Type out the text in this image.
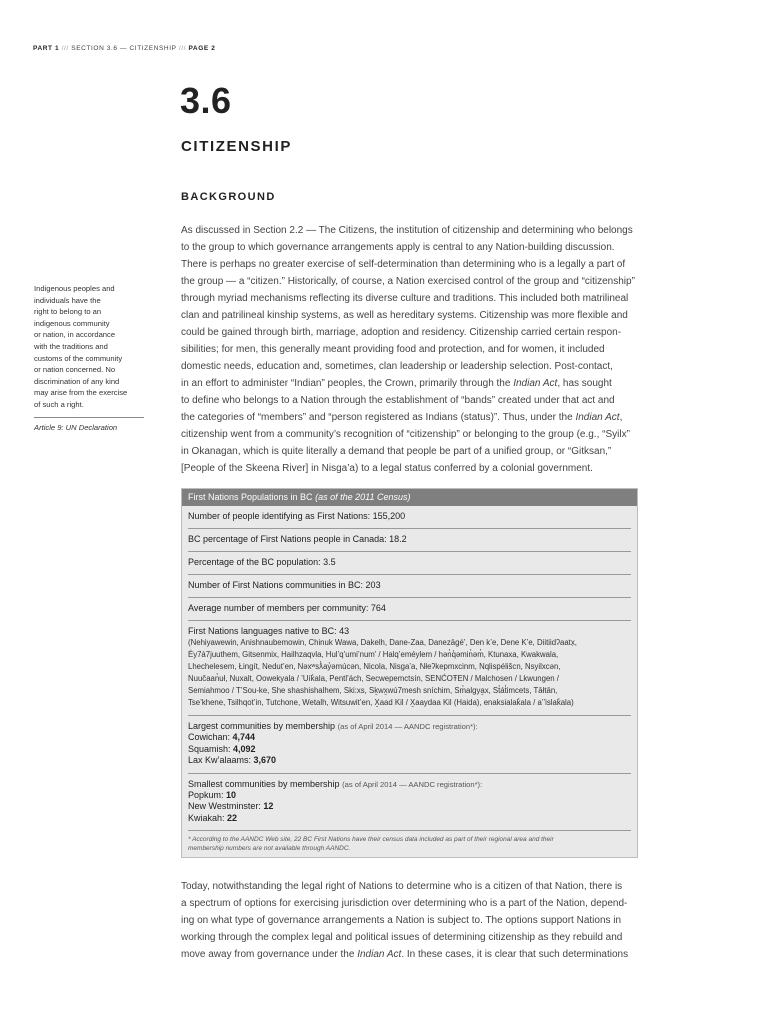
PART 1 /// SECTION 3.6 — CITIZENSHIP /// PAGE 2
3.6
CITIZENSHIP
BACKGROUND
As discussed in Section 2.2 — The Citizens, the institution of citizenship and determining who belongs
to the group to which governance arrangements apply is central to any Nation-building discussion.
There is perhaps no greater exercise of self-determination than determining who is a legally a part of
the group — a “citizen.” Historically, of course, a Nation exercised control of the group and “citizenship”
through myriad mechanisms reflecting its diverse culture and traditions. This included both matrilineal
clan and patrilineal kinship systems, as well as hereditary systems. Citizenship was more flexible and
could be gained through birth, marriage, adoption and residency. Citizenship carried certain respon-
sibilities; for men, this generally meant providing food and protection, and for women, it included
domestic needs, education and, sometimes, clan leadership or leadership selection. Post-contact,
in an effort to administer “Indian” peoples, the Crown, primarily through the Indian Act, has sought
to define who belongs to a Nation through the establishment of “bands” created under that act and
the categories of “members” and “person registered as Indians (status)”. Thus, under the Indian Act,
citizenship went from a community’s recognition of “citizenship” or belonging to the group (e.g., “Syilx”
in Okanagan, which is quite literally a demand that people be part of a unified group, or “Gitksan,”
[People of the Skeena River] in Nisga’a) to a legal status conferred by a colonial government.
Indigenous peoples and
individuals have the
right to belong to an
indigenous community
or nation, in accordance
with the traditions and
customs of the community
or nation concerned. No
discrimination of any kind
may arise from the exercise
of such a right.
Article 9: UN Declaration
First Nations Populations in BC (as of the 2011 Census)
Number of people identifying as First Nations: 155,200
BC percentage of First Nations people in Canada: 18.2
Percentage of the BC population: 3.5
Number of First Nations communities in BC: 203
Average number of members per community: 764
First Nations languages native to BC: 43
(Nehiyawewin, Anishnaubemowin, Chinuk Wawa, Dakelh, Dane-Zaa, Danezāgé’, Den k’e, Dene K’e, Diitiidʔaatx̣,
Éy7á7juuthem, Gitsenmiх, Hailhzaqvla, Hul’q’umi’num’ / Halq’eméylem / hən̓q̓əmin̓əm̓, Ktunaxa, Kwakwala,
Lhechelesem, Łingít, Nedut’en, Nəxʷsƛ̓ay̓əmúcən, Nicola, Nisga’a, Nłeʔkepmxcinm, Nqlispélišcn, Nsyilxcən,
Nuučaan̓uł, Nuxalt, Oowekyala / ’Uík̓ala, Pentl’ách, Secwepemctsín, SENĆOŦEN / Malchosen / Lkwungen /
Semiahmoo / T’Sou-ke, She shashishalhem, Ski:xs, Sḵwx̱wú7mesh sníchim, Sm̓algya̱x, St̓át̓imcets, Tāłtān,
Tse’khene, Tsilhqot’in, Tutchone, Wetalh, Witsuwit’en, X̱aad Kil / X̱aaydaa Kil (Haida), enaksialak̓ala / a’’islak̓ala)
Largest communities by membership (as of April 2014 — AANDC registration*):
Cowichan: 4,744
Squamish: 4,092
Lax Kw’alaams: 3,670
Smallest communities by membership (as of April 2014 — AANDC registration*):
Popkum: 10
New Westminster: 12
Kwiakah: 22
* According to the AANDC Web site, 22 BC First Nations have their census data included as part of their regional area and their
membership numbers are not available through AANDC.
Today, notwithstanding the legal right of Nations to determine who is a citizen of that Nation, there is
a spectrum of options for exercising jurisdiction over determining who is a part of the Nation, depend-
ing on what type of governance arrangements a Nation is subject to. The options support Nations in
working through the complex legal and political issues of determining citizenship as they rebuild and
move away from governance under the Indian Act. In these cases, it is clear that such determinations
